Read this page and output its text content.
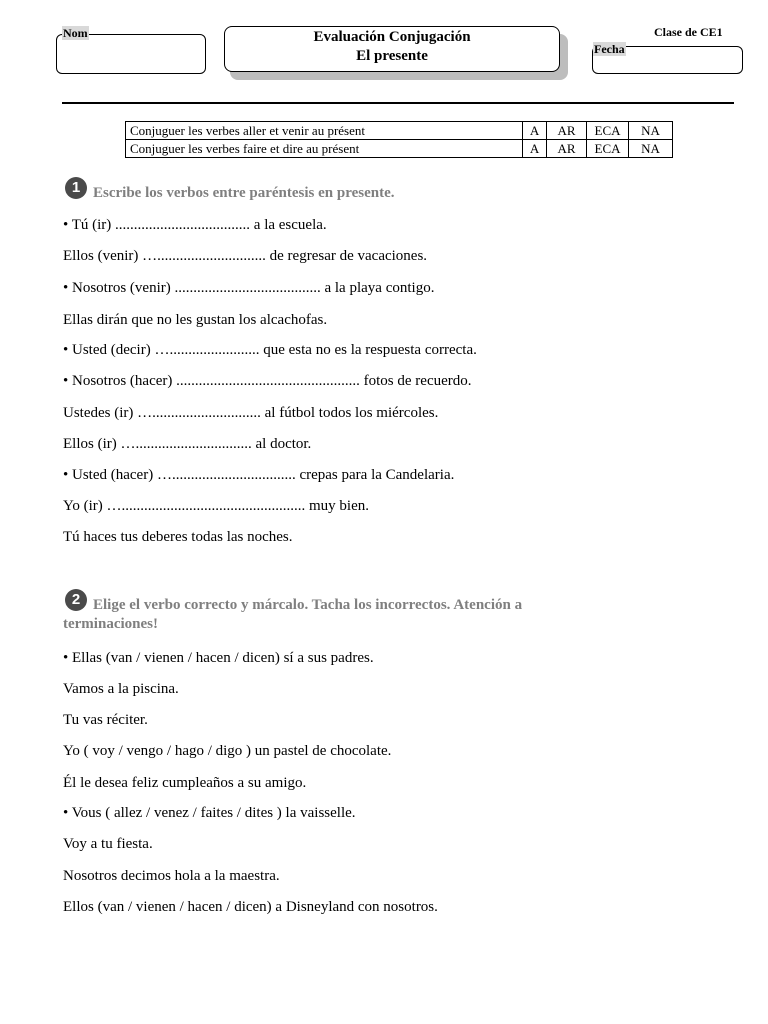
Nom	Evaluación Conjugación
El presente
Clase de CE1
Fecha
Conjuguer les verbes aller et venir au présent	A	AR	ECA	NA
Conjuguer les verbes faire et dire au présent	A	AR	ECA	NA
1 Escribe los verbos entre paréntesis en presente.
• Tú (ir) .................................... a la escuela.
Ellos (venir) …............................. de regresar de vacaciones.
• Nosotros (venir) ....................................... a la playa contigo.
Ellas dirán que no les gustan los alcachofas.
• Usted (decir) …........................ que esta no es la respuesta correcta.
• Nosotros (hacer) ................................................. fotos de recuerdo.
Ustedes (ir) …............................. al fútbol todos los miércoles.
Ellos (ir) …............................... al doctor.
• Usted (hacer) …................................. crepas para la Candelaria.
Yo (ir) …................................................. muy bien.
Tú haces tus deberes todas las noches.
2 Elige el verbo correcto y márcalo. Tacha los incorrectos. Atención a
terminaciones!
• Ellas (van / vienen / hacen / dicen) sí a sus padres.
Vamos a la piscina.
Tu vas réciter.
Yo ( voy / vengo / hago / digo ) un pastel de chocolate.
Él le desea feliz cumpleaños a su amigo.
• Vous ( allez / venez / faites / dites ) la vaisselle.
Voy a tu fiesta.
Nosotros decimos hola a la maestra.
Ellos (van / vienen / hacen / dicen) a Disneyland con nosotros.
